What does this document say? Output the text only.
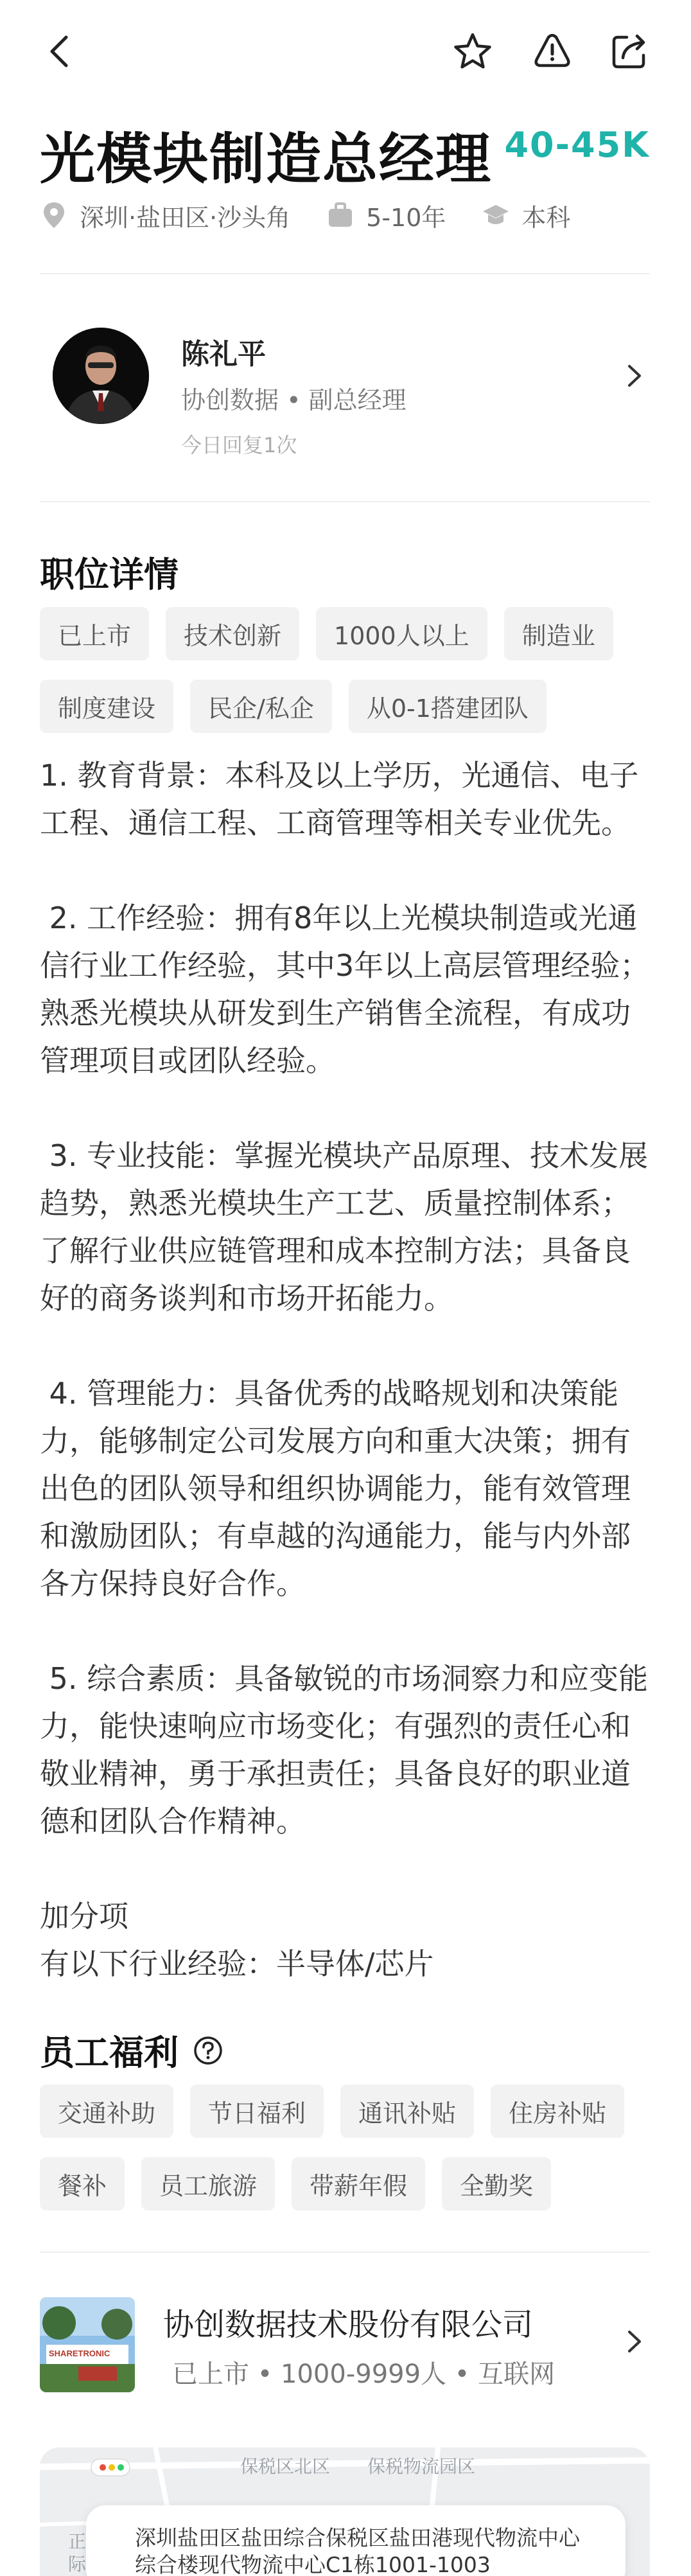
光模块制造总经理 40-45K
深圳·盐田区·沙头角	5-10年	本科
陈礼平
协创数据 • 副总经理
今日回复1次
职位详情
已上市	技术创新	1000人以上	制造业
制度建设	民企/私企	从0-1搭建团队

1. 教育背景：本科及以上学历，光通信、电子工程、通信工程、工商管理等相关专业优先。

2. 工作经验：拥有8年以上光模块制造或光通信行业工作经验，其中3年以上高层管理经验；熟悉光模块从研发到生产销售全流程，有成功管理项目或团队经验。

3. 专业技能：掌握光模块产品原理、技术发展趋势，熟悉光模块生产工艺、质量控制体系；了解行业供应链管理和成本控制方法；具备良好的商务谈判和市场开拓能力。

4. 管理能力：具备优秀的战略规划和决策能力，能够制定公司发展方向和重大决策；拥有出色的团队领导和组织协调能力，能有效管理和激励团队；有卓越的沟通能力，能与内外部各方保持良好合作。

5. 综合素质：具备敏锐的市场洞察力和应变能力，能快速响应市场变化；有强烈的责任心和敬业精神，勇于承担责任；具备良好的职业道德和团队合作精神。

加分项
有以下行业经验：半导体/芯片

员工福利
交通补助	节日福利	通讯补贴	住房补贴
餐补	员工旅游	带薪年假	全勤奖
SHARETRONIC
协创数据技术股份有限公司
已上市 • 1000-9999人 • 互联网
保税区北区 保税物流园区
正
际
深圳盐田区盐田综合保税区盐田港现代物流中心综合楼现代物流中心C1栋1001-1003
